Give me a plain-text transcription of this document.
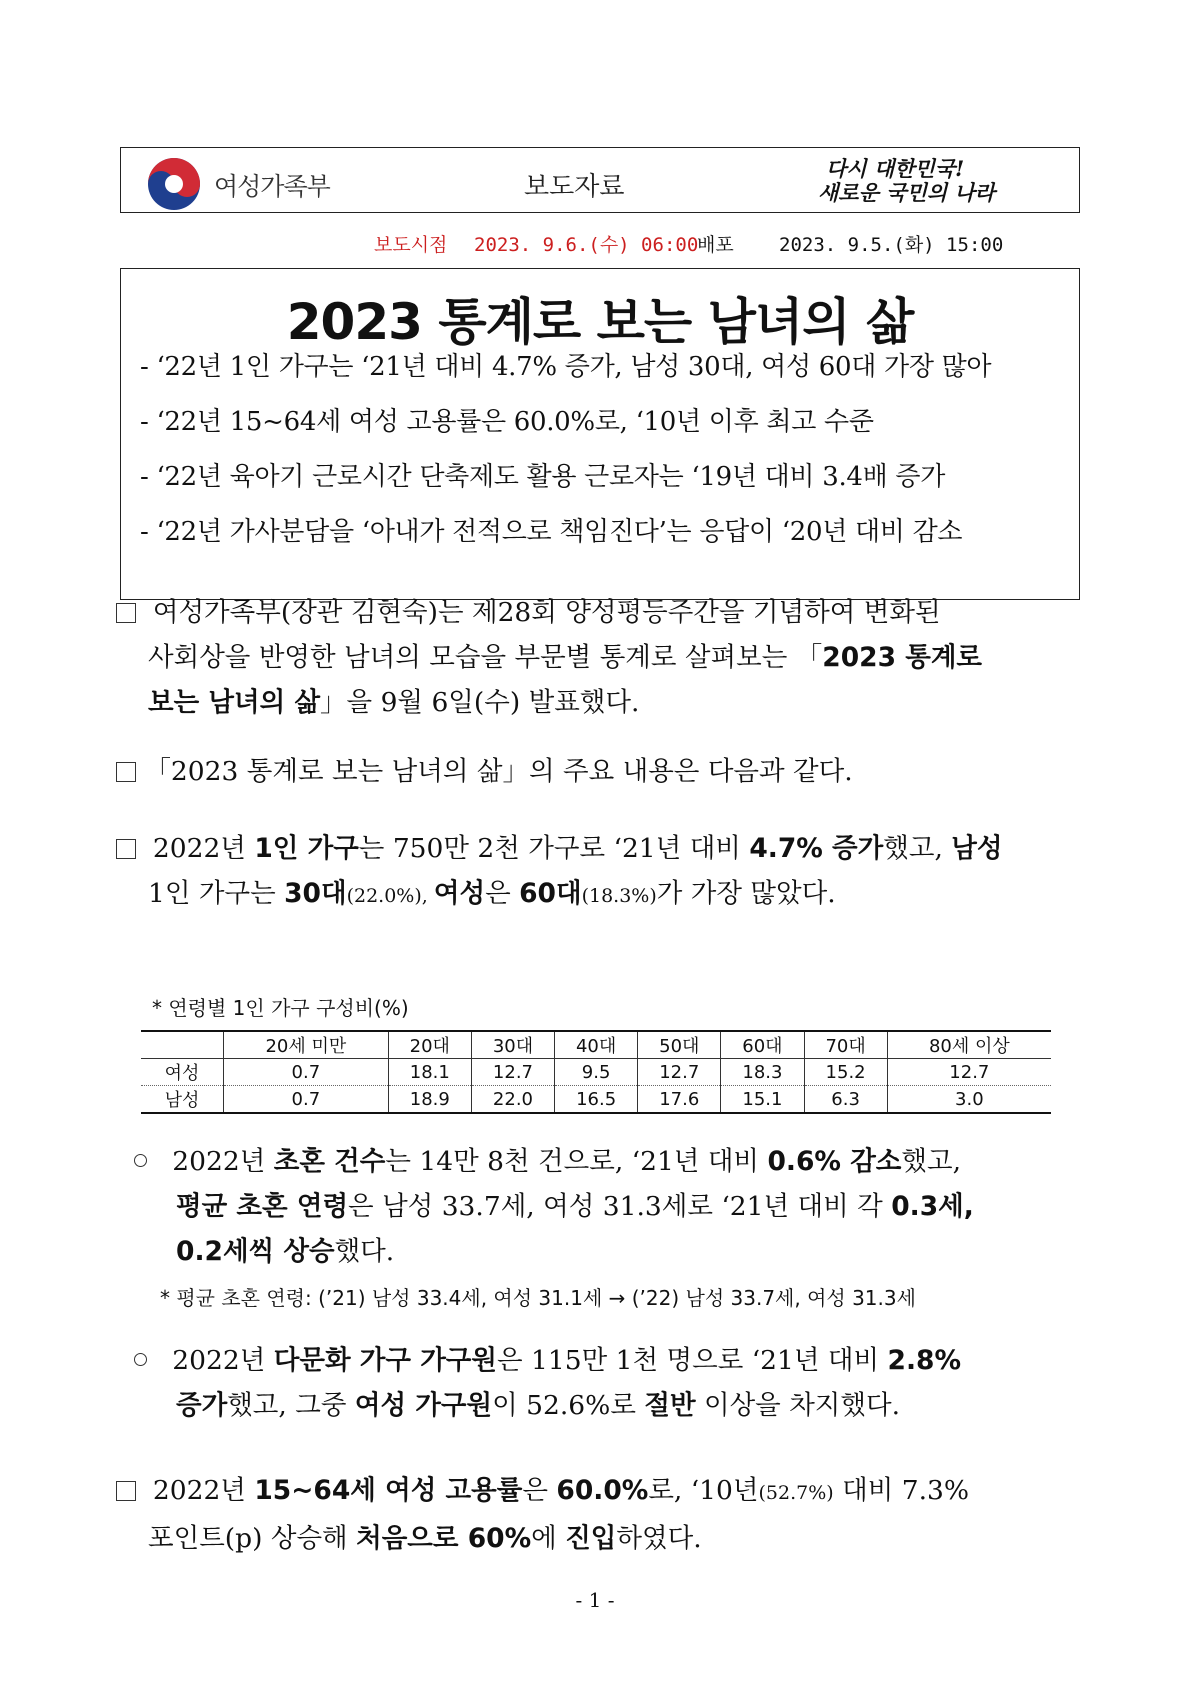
여성가족부	보도자료
다시 대한민국!
새로운 국민의 나라
보도시점 2023. 9.6.(수) 06:00
배포 2023. 9.5.(화) 15:00
2023 통계로 보는 남녀의 삶
- ‘22년 1인 가구는 ‘21년 대비 4.7% 증가, 남성 30대, 여성 60대 가장 많아
- ‘22년 15~64세 여성 고용률은 60.0%로, ‘10년 이후 최고 수준
- ‘22년 육아기 근로시간 단축제도 활용 근로자는 ‘19년 대비 3.4배 증가
- ‘22년 가사분담을 ‘아내가 전적으로 책임진다’는 응답이 ‘20년 대비 감소
여성가족부(장관 김현숙)는 제28회 양성평등주간을 기념하여 변화된
사회상을 반영한 남녀의 모습을 부문별 통계로 살펴보는 「2023 통계로
보는 남녀의 삶」을 9월 6일(수) 발표했다.
「2023 통계로 보는 남녀의 삶」의 주요 내용은 다음과 같다.
2022년 1인 가구는 750만 2천 가구로 ‘21년 대비 4.7% 증가했고, 남성
1인 가구는 30대(22.0%), 여성은 60대(18.3%)가 가장 많았다.
* 연령별 1인 가구 구성비(%)
	20세 미만	20대	30대	40대	50대	60대	70대	80세 이상
여성	0.7	18.1	12.7	9.5	12.7	18.3	15.2	12.7
남성	0.7	18.9	22.0	16.5	17.6	15.1	6.3	3.0
2022년 초혼 건수는 14만 8천 건으로, ‘21년 대비 0.6% 감소했고,
평균 초혼 연령은 남성 33.7세, 여성 31.3세로 ‘21년 대비 각 0.3세,
0.2세씩 상승했다.
* 평균 초혼 연령: (’21) 남성 33.4세, 여성 31.1세 → (’22) 남성 33.7세, 여성 31.3세
2022년 다문화 가구 가구원은 115만 1천 명으로 ‘21년 대비 2.8%
증가했고, 그중 여성 가구원이 52.6%로 절반 이상을 차지했다.
2022년 15~64세 여성 고용률은 60.0%로, ‘10년(52.7%) 대비 7.3%
포인트(p) 상승해 처음으로 60%에 진입하였다.
- 1 -
